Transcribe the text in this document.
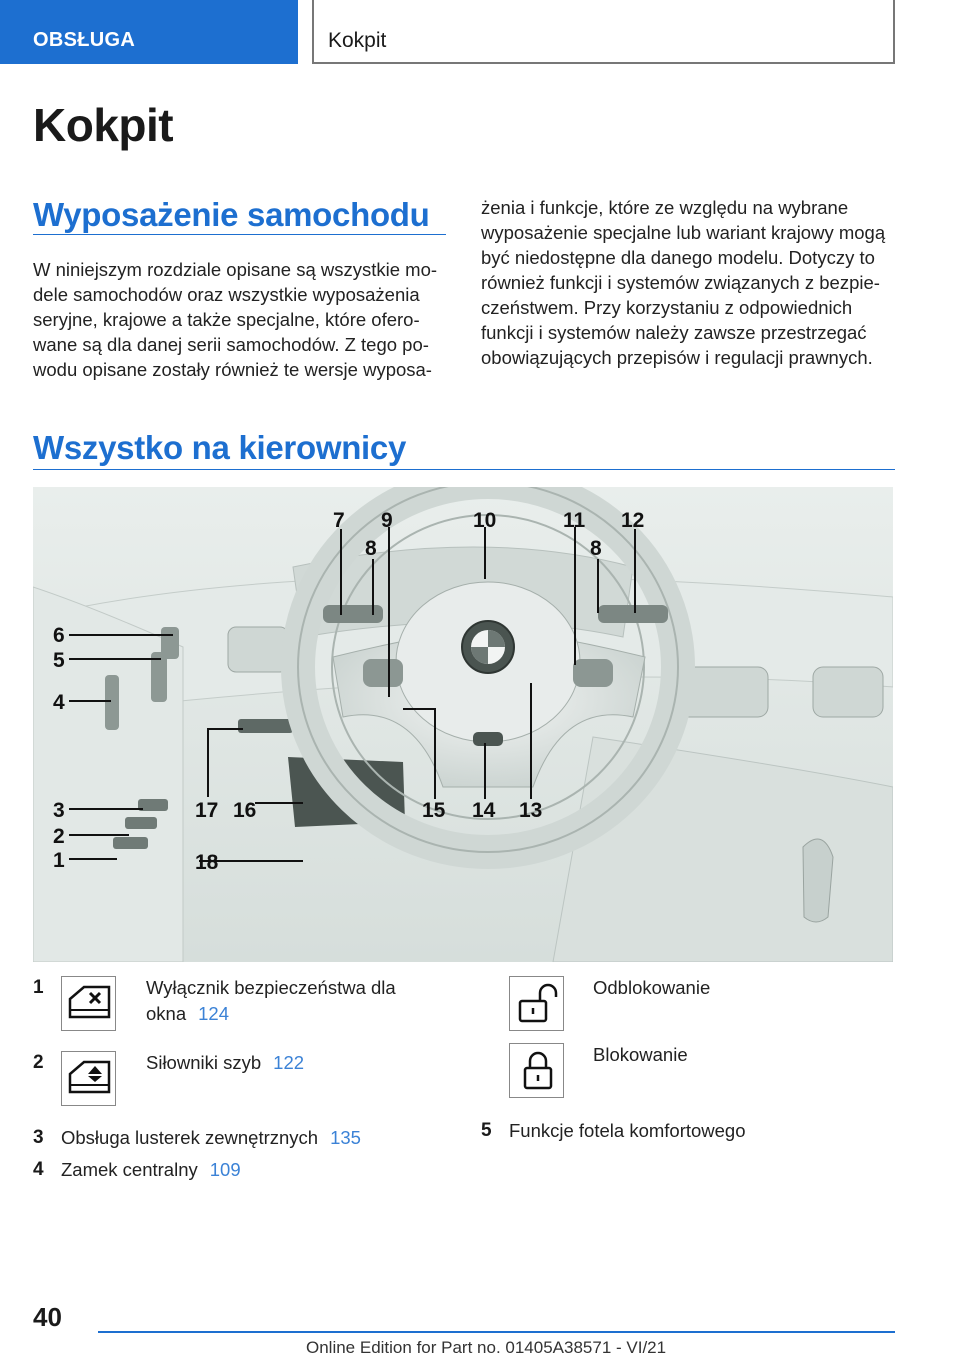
OBSŁUGA	Kokpit
Kokpit
Wyposażenie samochodu
W niniejszym rozdziale opisane są wszystkie mo-
dele samochodów oraz wszystkie wyposażenia
seryjne, krajowe a także specjalne, które ofero-
wane są dla danej serii samochodów. Z tego po-
wodu opisane zostały również te wersje wyposa-
żenia i funkcje, które ze względu na wybrane
wyposażenie specjalne lub wariant krajowy mogą
być niedostępne dla danego modelu. Dotyczy to
również funkcji i systemów związanych z bezpie-
czeństwem. Przy korzystaniu z odpowiednich
funkcji i systemów należy zawsze przestrzegać
obowiązujących przepisów i regulacji prawnych.
Wszystko na kierownicy
7 9	10	11 12
8	8
6
5
4
3
2
1
17 16	15 14 13
18
1	Wyłącznik bezpieczeństwa dla
okna 124
2	Siłowniki szyb 122
3 Obsługa lusterek zewnętrznych 135
4 Zamek centralny 109
Odblokowanie
Blokowanie
5 Funkcje fotela komfortowego
40
Online Edition for Part no. 01405A38571 - VI/21
